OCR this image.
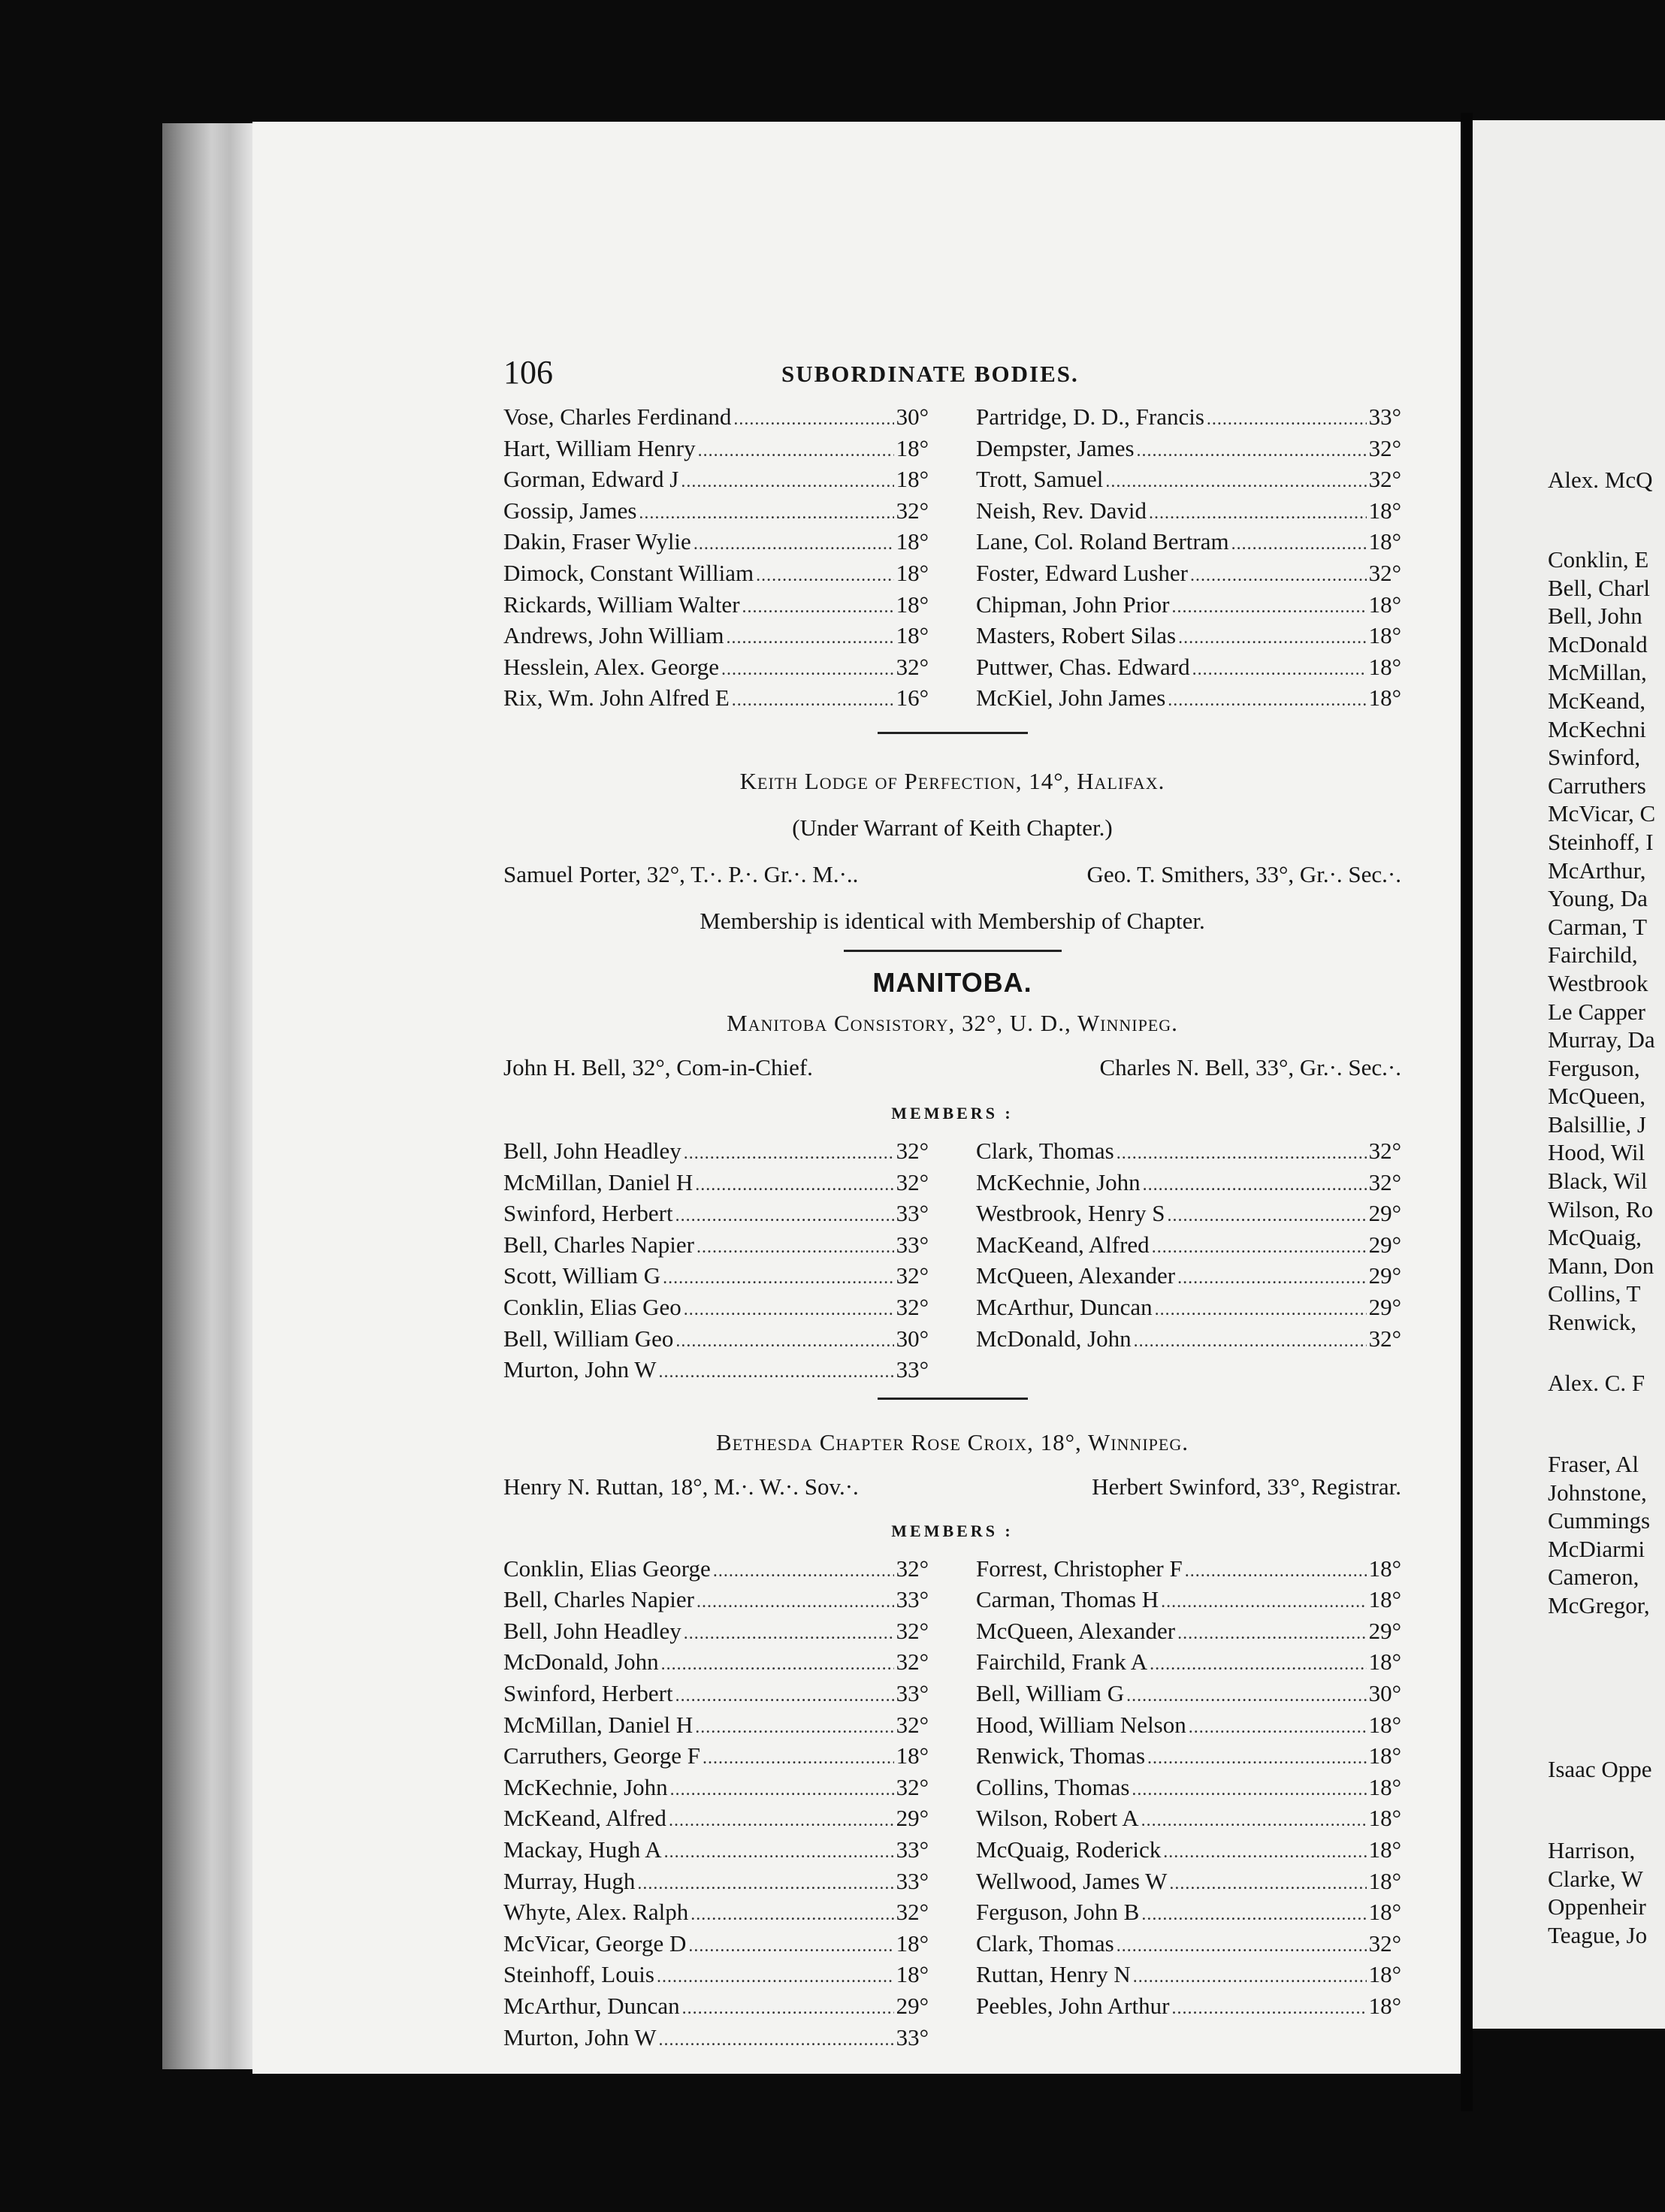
106	SUBORDINATE BODIES.
Vose, Charles Ferdinand .....	30°
Hart, William Henry .....	18°
Gorman, Edward J .....	18°
Gossip, James .....	32°
Dakin, Fraser Wylie .....	18°
Dimock, Constant William .....	18°
Rickards, William Walter .....	18°
Andrews, John William .....	18°
Hesslein, Alex. George .....	32°
Rix, Wm. John Alfred E .....	16°
Partridge, D. D., Francis .....	33°
Dempster, James .....	32°
Trott, Samuel .....	32°
Neish, Rev. David .....	18°
Lane, Col. Roland Bertram .....	18°
Foster, Edward Lusher .....	32°
Chipman, John Prior .....	18°
Masters, Robert Silas .....	18°
Puttwer, Chas. Edward .....	18°
McKiel, John James .....	18°
Keith Lodge of Perfection, 14°, Halifax.
(Under Warrant of Keith Chapter.)
Samuel Porter, 32°, T.·. P.·. Gr.·. M.·..	Geo. T. Smithers, 33°, Gr.·. Sec.·.
Membership is identical with Membership of Chapter.
MANITOBA.
Manitoba Consistory, 32°, U. D., Winnipeg.
John H. Bell, 32°, Com-in-Chief.	Charles N. Bell, 33°, Gr.·. Sec.·.
MEMBERS :
Bell, John Headley .....	32°
McMillan, Daniel H .....	32°
Swinford, Herbert .....	33°
Bell, Charles Napier .....	33°
Scott, William G .....	32°
Conklin, Elias Geo .....	32°
Bell, William Geo .....	30°
Murton, John W .....	33°
Clark, Thomas .....	32°
McKechnie, John .....	32°
Westbrook, Henry S .....	29°
MacKeand, Alfred .....	29°
McQueen, Alexander .....	29°
McArthur, Duncan .....	29°
McDonald, John .....	32°
Bethesda Chapter Rose Croix, 18°, Winnipeg.
Henry N. Ruttan, 18°, M.·. W.·. Sov.·.	Herbert Swinford, 33°, Registrar.
MEMBERS :
Conklin, Elias George .....	32°
Bell, Charles Napier .....	33°
Bell, John Headley .....	32°
McDonald, John .....	32°
Swinford, Herbert .....	33°
McMillan, Daniel H .....	32°
Carruthers, George F .....	18°
McKechnie, John .....	32°
McKeand, Alfred .....	29°
Mackay, Hugh A .....	33°
Murray, Hugh .....	33°
Whyte, Alex. Ralph .....	32°
McVicar, George D .....	18°
Steinhoff, Louis .....	18°
McArthur, Duncan .....	29°
Murton, John W .....	33°
Forrest, Christopher F .....	18°
Carman, Thomas H .....	18°
McQueen, Alexander .....	29°
Fairchild, Frank A .....	18°
Bell, William G .....	30°
Hood, William Nelson .....	18°
Renwick, Thomas .....	18°
Collins, Thomas .....	18°
Wilson, Robert A .....	18°
McQuaig, Roderick .....	18°
Wellwood, James W .....	18°
Ferguson, John B .....	18°
Clark, Thomas .....	32°
Ruttan, Henry N .....	18°
Peebles, John Arthur .....	18°
Alex. McQ
Conklin, E
Bell, Charl
Bell, John
McDonald
McMillan,
McKeand,
McKechni
Swinford,
Carruthers
McVicar, C
Steinhoff, I
McArthur,
Young, Da
Carman, T
Fairchild,
Westbrook
Le Capper
Murray, Da
Ferguson,
McQueen,
Balsillie, J
Hood, Wil
Black, Wil
Wilson, Ro
McQuaig,
Mann, Don
Collins, T
Renwick,
Alex. C. F
Fraser, Al
Johnstone,
Cummings
McDiarmi
Cameron,
McGregor,
Isaac Oppe
Harrison,
Clarke, W
Oppenheir
Teague, Jo
